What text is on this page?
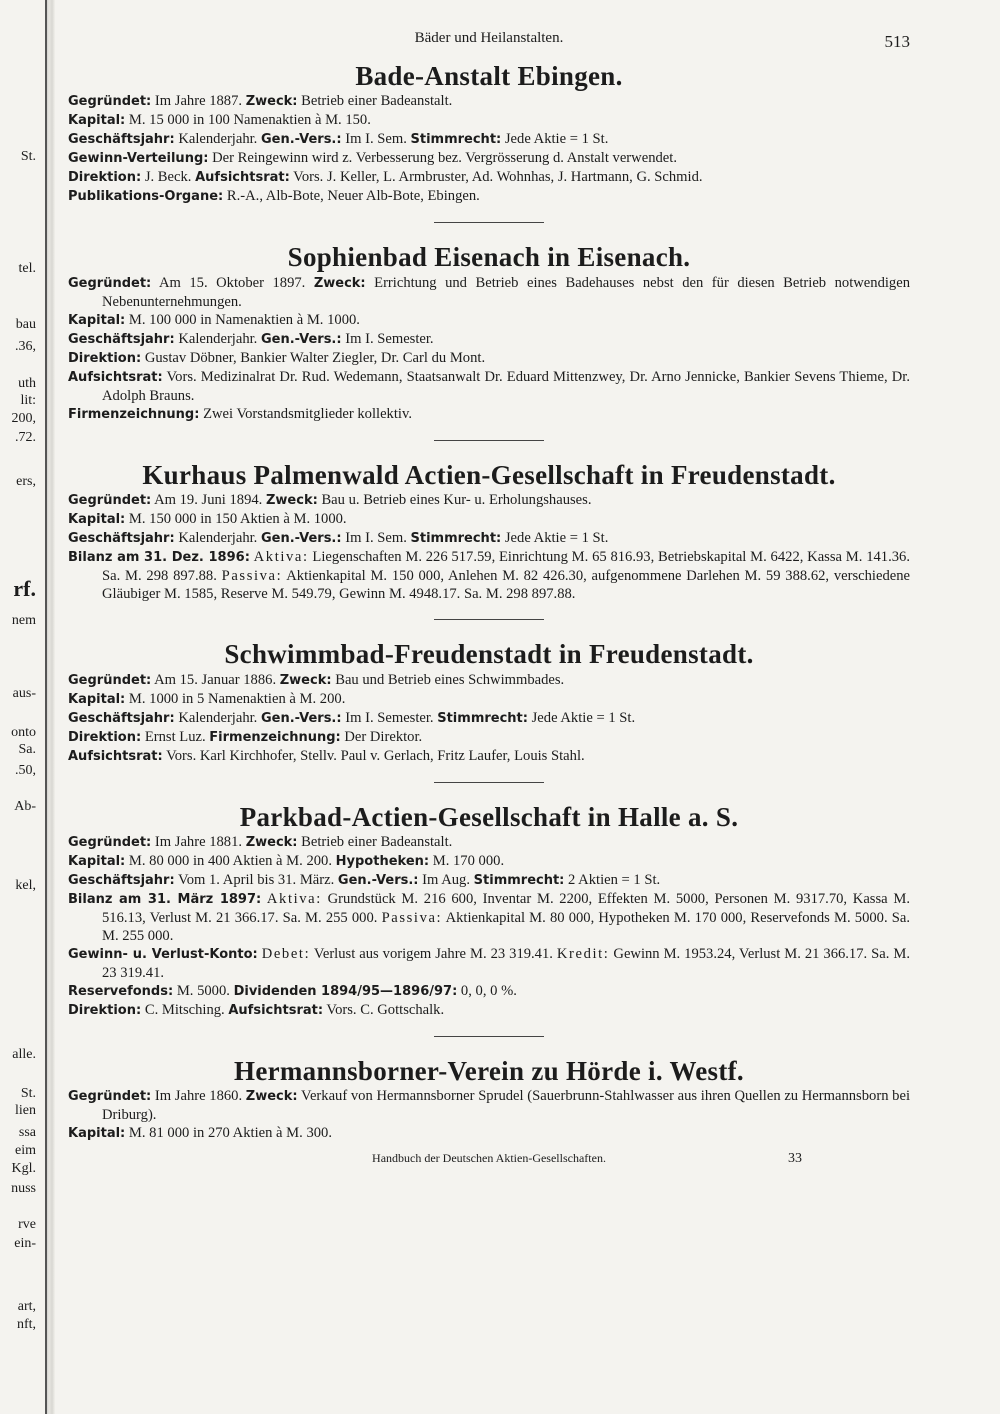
St.
tel.
bau
.36,
uth
lit:
200,
.72.
ers,
rf.
nem
aus-
onto
Sa.
.50,
Ab-
kel,
alle.
St.
lien
ssa
eim
Kgl.
nuss
rve
ein-
art,
nft,
Bäder und Heilanstalten.	513
Bade-Anstalt Ebingen.

Gegründet: Im Jahre 1887. Zweck: Betrieb einer Badeanstalt.

Kapital: M. 15 000 in 100 Namenaktien à M. 150.

Geschäftsjahr: Kalenderjahr. Gen.-Vers.: Im I. Sem. Stimmrecht: Jede Aktie = 1 St.

Gewinn-Verteilung: Der Reingewinn wird z. Verbesserung bez. Vergrösserung d. Anstalt verwendet.

Direktion: J. Beck. Aufsichtsrat: Vors. J. Keller, L. Armbruster, Ad. Wohnhas, J. Hartmann, G. Schmid.

Publikations-Organe: R.-A., Alb-Bote, Neuer Alb-Bote, Ebingen.

Sophienbad Eisenach in Eisenach.

Gegründet: Am 15. Oktober 1897. Zweck: Errichtung und Betrieb eines Badehauses nebst den für diesen Betrieb notwendigen Nebenunternehmungen.

Kapital: M. 100 000 in Namenaktien à M. 1000.

Geschäftsjahr: Kalenderjahr. Gen.-Vers.: Im I. Semester.

Direktion: Gustav Döbner, Bankier Walter Ziegler, Dr. Carl du Mont.

Aufsichtsrat: Vors. Medizinalrat Dr. Rud. Wedemann, Staatsanwalt Dr. Eduard Mittenzwey, Dr. Arno Jennicke, Bankier Sevens Thieme, Dr. Adolph Brauns.

Firmenzeichnung: Zwei Vorstandsmitglieder kollektiv.

Kurhaus Palmenwald Actien-Gesellschaft in Freudenstadt.

Gegründet: Am 19. Juni 1894. Zweck: Bau u. Betrieb eines Kur- u. Erholungshauses.

Kapital: M. 150 000 in 150 Aktien à M. 1000.

Geschäftsjahr: Kalenderjahr. Gen.-Vers.: Im I. Sem. Stimmrecht: Jede Aktie = 1 St.

Bilanz am 31. Dez. 1896: Aktiva: Liegenschaften M. 226 517.59, Einrichtung M. 65 816.93, Betriebskapital M. 6422, Kassa M. 141.36. Sa. M. 298 897.88. Passiva: Aktienkapital M. 150 000, Anlehen M. 82 426.30, aufgenommene Darlehen M. 59 388.62, verschiedene Gläubiger M. 1585, Reserve M. 549.79, Gewinn M. 4948.17. Sa. M. 298 897.88.

Schwimmbad-Freudenstadt in Freudenstadt.

Gegründet: Am 15. Januar 1886. Zweck: Bau und Betrieb eines Schwimmbades.

Kapital: M. 1000 in 5 Namenaktien à M. 200.

Geschäftsjahr: Kalenderjahr. Gen.-Vers.: Im I. Semester. Stimmrecht: Jede Aktie = 1 St.

Direktion: Ernst Luz. Firmenzeichnung: Der Direktor.

Aufsichtsrat: Vors. Karl Kirchhofer, Stellv. Paul v. Gerlach, Fritz Laufer, Louis Stahl.

Parkbad-Actien-Gesellschaft in Halle a. S.

Gegründet: Im Jahre 1881. Zweck: Betrieb einer Badeanstalt.

Kapital: M. 80 000 in 400 Aktien à M. 200. Hypotheken: M. 170 000.

Geschäftsjahr: Vom 1. April bis 31. März. Gen.-Vers.: Im Aug. Stimmrecht: 2 Aktien = 1 St.

Bilanz am 31. März 1897: Aktiva: Grundstück M. 216 600, Inventar M. 2200, Effekten M. 5000, Personen M. 9317.70, Kassa M. 516.13, Verlust M. 21 366.17. Sa. M. 255 000. Passiva: Aktienkapital M. 80 000, Hypotheken M. 170 000, Reservefonds M. 5000. Sa. M. 255 000.

Gewinn- u. Verlust-Konto: Debet: Verlust aus vorigem Jahre M. 23 319.41. Kredit: Gewinn M. 1953.24, Verlust M. 21 366.17. Sa. M. 23 319.41.

Reservefonds: M. 5000. Dividenden 1894/95—1896/97: 0, 0, 0 %.

Direktion: C. Mitsching. Aufsichtsrat: Vors. C. Gottschalk.

Hermannsborner-Verein zu Hörde i. Westf.

Gegründet: Im Jahre 1860. Zweck: Verkauf von Hermannsborner Sprudel (Sauerbrunn-Stahlwasser aus ihren Quellen zu Hermannsborn bei Driburg).

Kapital: M. 81 000 in 270 Aktien à M. 300.

Handbuch der Deutschen Aktien-Gesellschaften.	33
